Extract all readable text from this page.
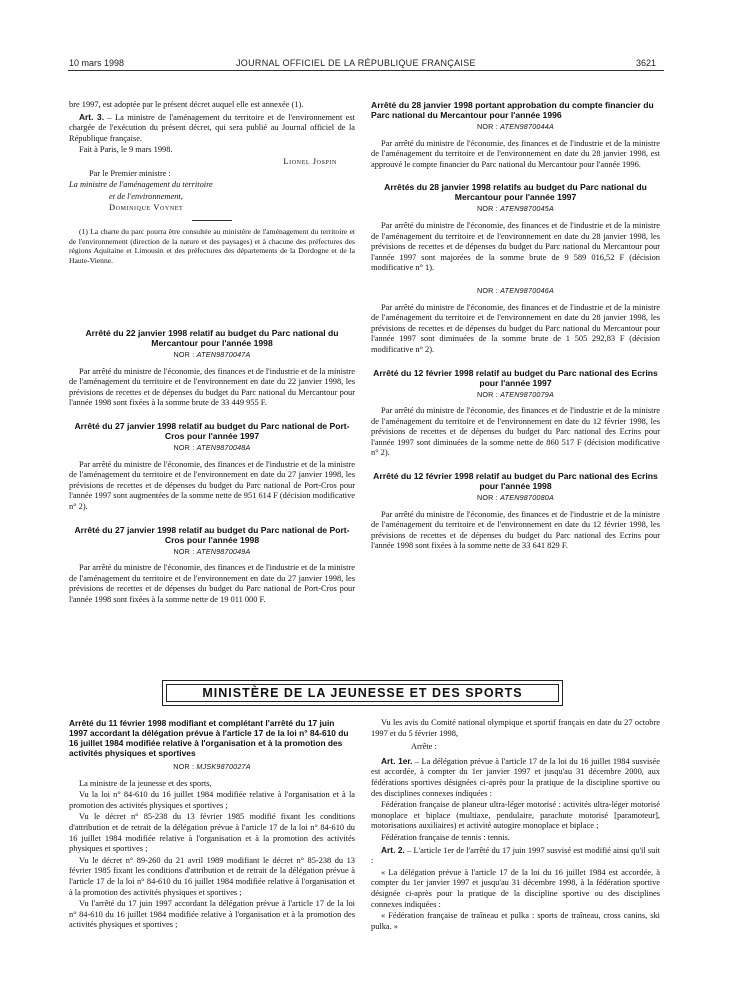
10 mars 1998	JOURNAL OFFICIEL DE LA RÉPUBLIQUE FRANÇAISE	3621

bre 1997, est adoptée par le présent décret auquel elle est annexée (1).

Art. 3. – La ministre de l'aménagement du territoire et de l'environnement est chargée de l'exécution du présent décret, qui sera publié au Journal officiel de la République française.

Fait à Paris, le 9 mars 1998.

Lionel Jospin

Par le Premier ministre :

La ministre de l'aménagement du territoire

et de l'environnement,

Dominique Voynet

(1) La charte du parc pourra être consultée au ministère de l'aménagement du territoire et de l'environnement (direction de la nature et des paysages) et à chacune des préfectures des régions Aquitaine et Limousin et des préfectures des départements de la Dordogne et de la Haute-Vienne.

Arrêté du 22 janvier 1998 relatif au budget du Parc national du Mercantour pour l'année 1998
NOR : ATEN9870047A

Par arrêté du ministre de l'économie, des finances et de l'industrie et de la ministre de l'aménagement du territoire et de l'environnement en date du 22 janvier 1998, les prévisions de recettes et de dépenses du budget du Parc national du Mercantour pour l'année 1998 sont fixées à la somme brute de 33 449 955 F.

Arrêté du 27 janvier 1998 relatif au budget du Parc national de Port-Cros pour l'année 1997
NOR : ATEN9870048A

Par arrêté du ministre de l'économie, des finances et de l'industrie et de la ministre de l'aménagement du territoire et de l'environnement en date du 27 janvier 1998, les prévisions de recettes et de dépenses du budget du Parc national de Port-Cros pour l'année 1997 sont augmentées de la somme nette de 951 614 F (décision modificative n° 2).

Arrêté du 27 janvier 1998 relatif au budget du Parc national de Port-Cros pour l'année 1998
NOR : ATEN9870049A

Par arrêté du ministre de l'économie, des finances et de l'industrie et de la ministre de l'aménagement du territoire et de l'environnement en date du 27 janvier 1998, les prévisions de recettes et de dépenses du budget du Parc national de Port-Cros pour l'année 1998 sont fixées à la somme nette de 19 011 000 F.

Arrêté du 28 janvier 1998 portant approbation du compte financier du Parc national du Mercantour pour l'année 1996
NOR : ATEN9870044A

Par arrêté du ministre de l'économie, des finances et de l'industrie et de la ministre de l'aménagement du territoire et de l'environnement en date du 28 janvier 1998, est approuvé le compte financier du Parc national du Mercantour pour l'année 1996.

Arrêtés du 28 janvier 1998 relatifs au budget du Parc national du Mercantour pour l'année 1997
NOR : ATEN9870045A

Par arrêté du ministre de l'économie, des finances et de l'industrie et de la ministre de l'aménagement du territoire et de l'environnement en date du 28 janvier 1998, les prévisions de recettes et de dépenses du budget du Parc national du Mercantour pour l'année 1997 sont majorées de la somme brute de 9 589 016,52 F (décision modificative n° 1).

NOR : ATEN9870046A

Par arrêté du ministre de l'économie, des finances et de l'industrie et de la ministre de l'aménagement du territoire et de l'environnement en date du 28 janvier 1998, les prévisions de recettes et de dépenses du budget du Parc national du Mercantour pour l'année 1997 sont diminuées de la somme brute de 1 505 292,83 F (décision modificative n° 2).

Arrêté du 12 février 1998 relatif au budget du Parc national des Ecrins pour l'année 1997
NOR : ATEN9870079A

Par arrêté du ministre de l'économie, des finances et de l'industrie et de la ministre de l'aménagement du territoire et de l'environnement en date du 12 février 1998, les prévisions de recettes et de dépenses du budget du Parc national des Ecrins pour l'année 1997 sont diminuées de la somme nette de 860 517 F (décision modificative n° 2).

Arrêté du 12 février 1998 relatif au budget du Parc national des Ecrins pour l'année 1998
NOR : ATEN9870080A

Par arrêté du ministre de l'économie, des finances et de l'industrie et de la ministre de l'aménagement du territoire et de l'environnement en date du 12 février 1998, les prévisions de recettes et de dépenses du budget du Parc national des Ecrins pour l'année 1998 sont fixées à la somme nette de 33 641 829 F.

MINISTÈRE DE LA JEUNESSE ET DES SPORTS
Arrêté du 11 février 1998 modifiant et complétant l'arrêté du 17 juin 1997 accordant la délégation prévue à l'article 17 de la loi n° 84-610 du 16 juillet 1984 modifiée relative à l'organisation et à la promotion des activités physiques et sportives
NOR : MJSK9870027A

La ministre de la jeunesse et des sports,

Vu la loi n° 84-610 du 16 juillet 1984 modifiée relative à l'organisation et à la promotion des activités physiques et sportives ;

Vu le décret n° 85-238 du 13 février 1985 modifié fixant les conditions d'attribution et de retrait de la délégation prévue à l'article 17 de la loi n° 84-610 du 16 juillet 1984 modifiée relative à l'organisation et à la promotion des activités physiques et sportives ;

Vu le décret n° 89-260 du 21 avril 1989 modifiant le décret n° 85-238 du 13 février 1985 fixant les conditions d'attribution et de retrait de la délégation prévue à l'article 17 de la loi n° 84-610 du 16 juillet 1984 modifiée relative à l'organisation et à la promotion des activités physiques et sportives ;

Vu l'arrêté du 17 juin 1997 accordant la délégation prévue à l'article 17 de la loi n° 84-610 du 16 juillet 1984 modifiée relative à l'organisation et à la promotion des activités physiques et sportives ;

Vu les avis du Comité national olympique et sportif français en date du 27 octobre 1997 et du 5 février 1998,

Arrête :

Art. 1er. – La délégation prévue à l'article 17 de la loi du 16 juillet 1984 susvisée est accordée, à compter du 1er janvier 1997 et jusqu'au 31 décembre 2000, aux fédérations sportives désignées ci-après pour la pratique de la discipline sportive ou des disciplines connexes indiquées :

Fédération française de planeur ultra-léger motorisé : activités ultra-léger motorisé monoplace et biplace (multiaxe, pendulaire, parachute motorisé [paramoteur], motorisations auxiliaires) et activité autogire monoplace et biplace ;

Fédération française de tennis : tennis.

Art. 2. – L'article 1er de l'arrêté du 17 juin 1997 susvisé est modifié ainsi qu'il suit :

« La délégation prévue à l'article 17 de la loi du 16 juillet 1984 est accordée, à compter du 1er janvier 1997 et jusqu'au 31 décembre 1998, à la fédération sportive désignée ci-après pour la pratique de la discipline sportive ou des disciplines connexes indiquées :

« Fédération française de traîneau et pulka : sports de traîneau, cross canins, ski pulka. »
